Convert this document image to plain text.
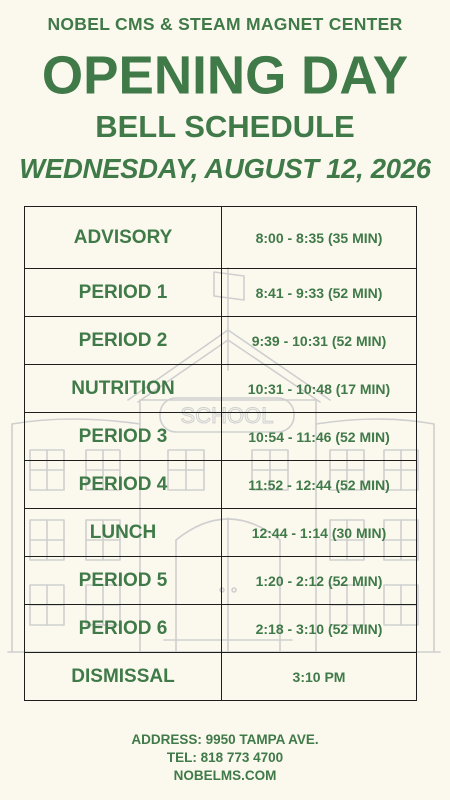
SCHOOL
NOBEL CMS & STEAM MAGNET CENTER
OPENING DAY
BELL SCHEDULE
WEDNESDAY, AUGUST 12, 2026
ADVISORY	8:00 - 8:35 (35 MIN)
PERIOD 1	8:41 - 9:33 (52 MIN)
PERIOD 2	9:39 - 10:31 (52 MIN)
NUTRITION	10:31 - 10:48 (17 MIN)
PERIOD 3	10:54 - 11:46 (52 MIN)
PERIOD 4	11:52 - 12:44 (52 MIN)
LUNCH	12:44 - 1:14 (30 MIN)
PERIOD 5	1:20 - 2:12 (52 MIN)
PERIOD 6	2:18 - 3:10 (52 MIN)
DISMISSAL	3:10 PM
ADDRESS: 9950 TAMPA AVE.
TEL: 818 773 4700
NOBELMS.COM
